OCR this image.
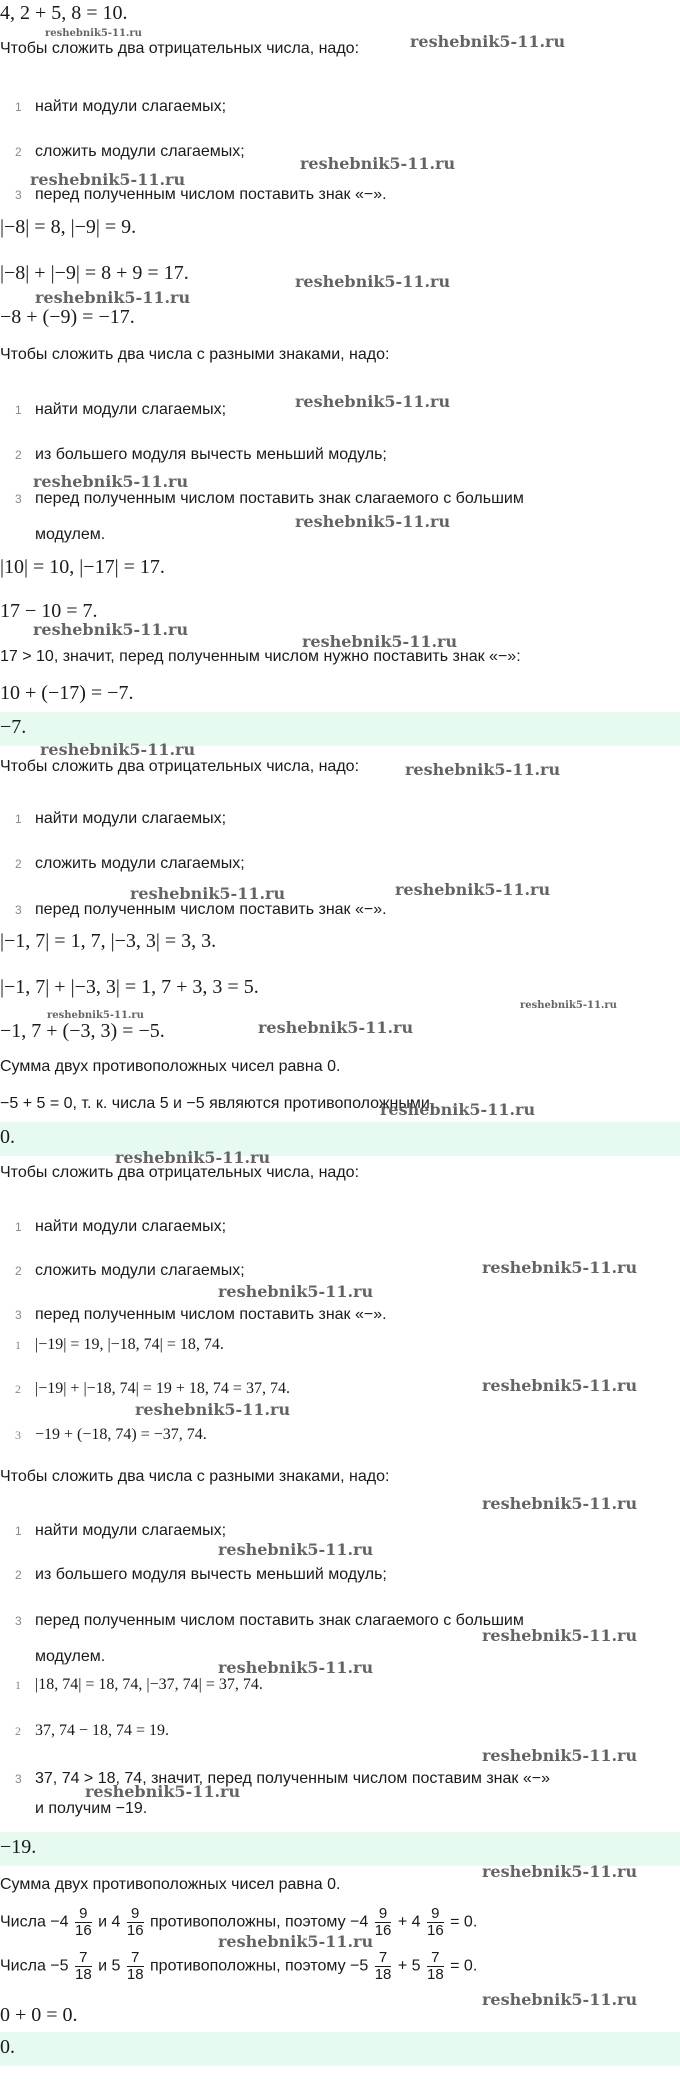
4, 2 + 5, 8 = 10.
Чтобы сложить два отрицательных числа, надо:
1 найти модули слагаемых;
2 сложить модули слагаемых;
3 перед полученным числом поставить знак «−».
|−8| = 8, |−9| = 9.
|−8| + |−9| = 8 + 9 = 17.
−8 + (−9) = −17.
Чтобы сложить два числа с разными знаками, надо:
1 найти модули слагаемых;
2 из большего модуля вычесть меньший модуль;
3 перед полученным числом поставить знак слагаемого с большим
модулем.
|10| = 10, |−17| = 17.
17 − 10 = 7.
17 > 10, значит, перед полученным числом нужно поставить знак «−»:
10 + (−17) = −7.
−7.
Чтобы сложить два отрицательных числа, надо:
1 найти модули слагаемых;
2 сложить модули слагаемых;
3 перед полученным числом поставить знак «−».
|−1, 7| = 1, 7, |−3, 3| = 3, 3.
|−1, 7| + |−3, 3| = 1, 7 + 3, 3 = 5.
−1, 7 + (−3, 3) = −5.
Сумма двух противоположных чисел равна 0.
−5 + 5 = 0, т. к. числа 5 и −5 являются противоположными.
0.
Чтобы сложить два отрицательных числа, надо:
1 найти модули слагаемых;
2 сложить модули слагаемых;
3 перед полученным числом поставить знак «−».
1 |−19| = 19, |−18, 74| = 18, 74.
2 |−19| + |−18, 74| = 19 + 18, 74 = 37, 74.
3 −19 + (−18, 74) = −37, 74.
Чтобы сложить два числа с разными знаками, надо:
1 найти модули слагаемых;
2 из большего модуля вычесть меньший модуль;
3 перед полученным числом поставить знак слагаемого с большим
модулем.
1 |18, 74| = 18, 74, |−37, 74| = 37, 74.
2 37, 74 − 18, 74 = 19.
3 37, 74 > 18, 74, значит, перед полученным числом поставим знак «−»
и получим −19.
−19.
Сумма двух противоположных чисел равна 0.
Числа $-4 \frac{9}{16}$ и $4 \frac{9}{16}$ противоположны, поэтому $-4 \frac{9}{16} + 4 \frac{9}{16} = 0$.
Числа $-5 \frac{7}{18}$ и $5 \frac{7}{18}$ противоположны, поэтому $-5 \frac{7}{18} + 5 \frac{7}{18} = 0$.
0 + 0 = 0.
0.
reshebnik5-11.ru	reshebnik5-11.ru
reshebnik5-11.ru
reshebnik5-11.ru
reshebnik5-11.ru
reshebnik5-11.ru
reshebnik5-11.ru
reshebnik5-11.ru
reshebnik5-11.ru
reshebnik5-11.ru
reshebnik5-11.ru
reshebnik5-11.ru
reshebnik5-11.ru
reshebnik5-11.ru	reshebnik5-11.ru
reshebnik5-11.ru
reshebnik5-11.ru
reshebnik5-11.ru
reshebnik5-11.ru
reshebnik5-11.ru
reshebnik5-11.ru
reshebnik5-11.ru
reshebnik5-11.ru
reshebnik5-11.ru
reshebnik5-11.ru
reshebnik5-11.ru
reshebnik5-11.ru
reshebnik5-11.ru
reshebnik5-11.ru
reshebnik5-11.ru
reshebnik5-11.ru
reshebnik5-11.ru
reshebnik5-11.ru
